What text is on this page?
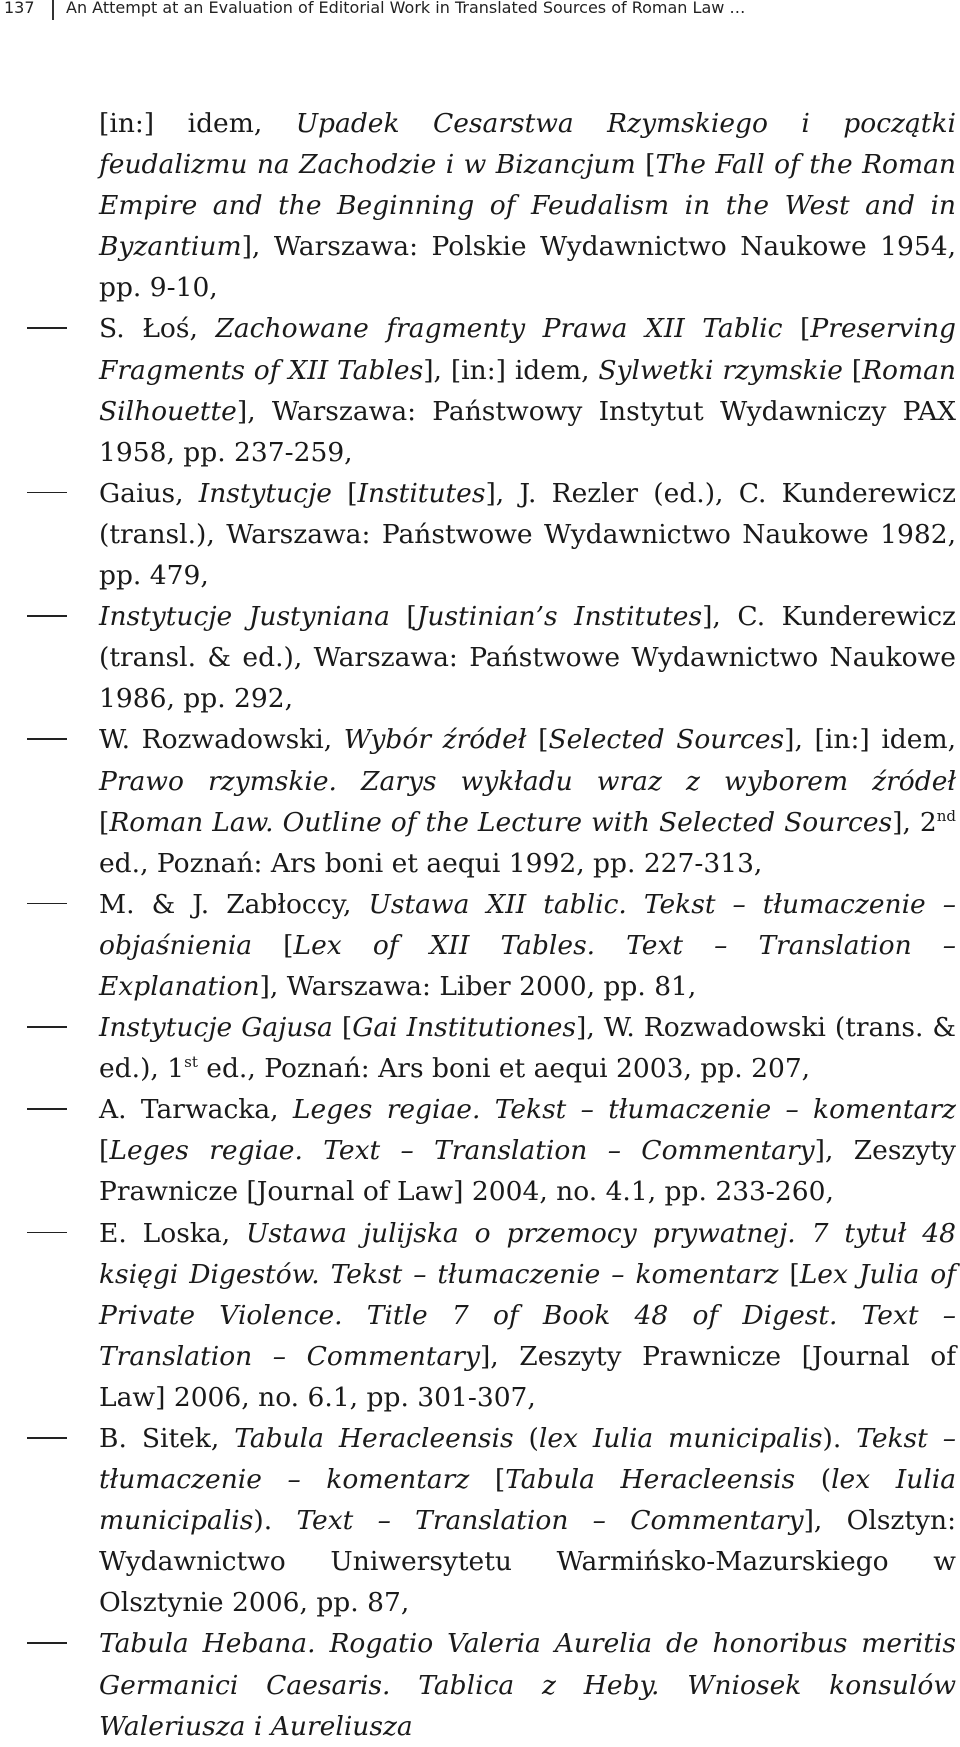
137 An Attempt at an Evaluation of Editorial Work in Translated Sources of Roman Law …
[in:] idem, Upadek Cesarstwa Rzymskiego i początki feudalizmu na Zachodzie i w Bizancjum [The Fall of the Roman Empire and the Beginning of Feudalism in the West and in Byzantium], Warszawa: Polskie Wydawnictwo Naukowe 1954, pp. 9-10,
S. Łoś, Zachowane fragmenty Prawa XII Tablic [Preserving Fragments of XII Tables], [in:] idem, Sylwetki rzymskie [Roman Silhouette], Warszawa: Państwowy Instytut Wydawniczy PAX 1958, pp. 237-259,
Gaius, Instytucje [Institutes], J. Rezler (ed.), C. Kunderewicz (transl.), Warszawa: Państwowe Wydawnictwo Naukowe 1982, pp. 479,
Instytucje Justyniana [Justinian’s Institutes], C. Kunderewicz (transl. & ed.), Warszawa: Państwowe Wydawnictwo Naukowe 1986, pp. 292,
W. Rozwadowski, Wybór źródeł [Selected Sources], [in:] idem, Prawo rzymskie. Zarys wykładu wraz z wyborem źródeł [Roman Law. Outline of the Lecture with Selected Sources], 2nd ed., Poznań: Ars boni et aequi 1992, pp. 227-313,
M. & J. Zabłoccy, Ustawa XII tablic. Tekst – tłumaczenie – objaśnienia [Lex of XII Tables. Text – Translation – Explanation], Warszawa: Liber 2000, pp. 81,
Instytucje Gajusa [Gai Institutiones], W. Rozwadowski (trans. & ed.), 1st ed., Poznań: Ars boni et aequi 2003, pp. 207,
A. Tarwacka, Leges regiae. Tekst – tłumaczenie – komentarz [Leges regiae. Text – Translation – Commentary], Zeszyty Prawnicze [Journal of Law] 2004, no. 4.1, pp. 233-260,
E. Loska, Ustawa julijska o przemocy prywatnej. 7 tytuł 48 księgi Digestów. Tekst – tłumaczenie – komentarz [Lex Julia of Private Violence. Title 7 of Book 48 of Digest. Text – Translation – Commentary], Zeszyty Prawnicze [Journal of Law] 2006, no. 6.1, pp. 301-307,
B. Sitek, Tabula Heracleensis (lex Iulia municipalis). Tekst – tłumaczenie – komentarz [Tabula Heracleensis (lex Iulia municipalis). Text – Translation – Commentary], Olsztyn: Wydawnictwo Uniwersytetu Warmińsko-Mazurskiego w Olsztynie 2006, pp. 87,
Tabula Hebana. Rogatio Valeria Aurelia de honoribus meritis Germanici Caesaris. Tablica z Heby. Wniosek konsulów Waleriusza i Aureliusza
